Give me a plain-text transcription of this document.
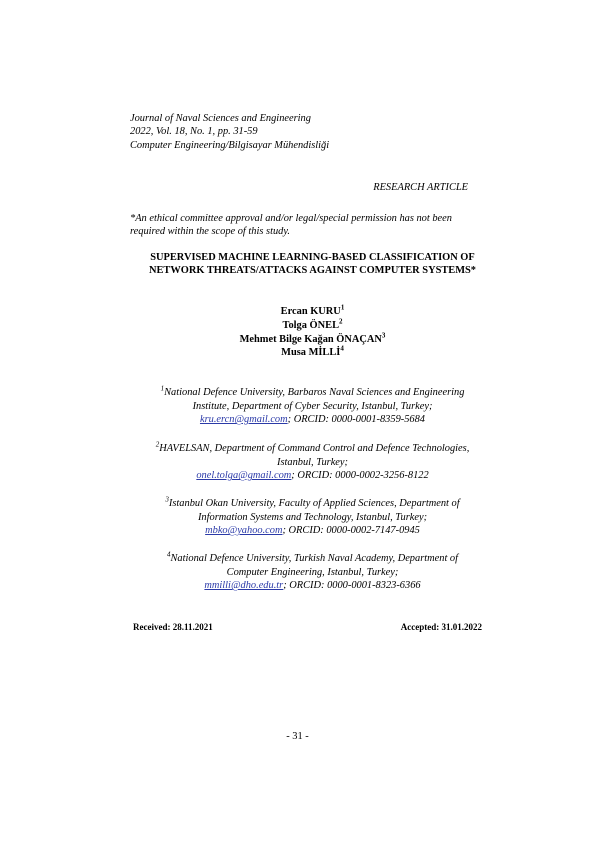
Journal of Naval Sciences and Engineering
2022, Vol. 18, No. 1, pp. 31-59
Computer Engineering/Bilgisayar Mühendisliği
RESEARCH ARTICLE
*An ethical committee approval and/or legal/special permission has not been required within the scope of this study.
SUPERVISED MACHINE LEARNING-BASED CLASSIFICATION OF NETWORK THREATS/ATTACKS AGAINST COMPUTER SYSTEMS*
Ercan KURU$^1$
Tolga ÖNEL$^2$
Mehmet Bilge Kağan ÖNAÇAN$^3$
Musa MİLLİ$^4$
$^1$National Defence University, Barbaros Naval Sciences and Engineering
Institute, Department of Cyber Security, Istanbul, Turkey;
kru.ercn@gmail.com; ORCID: 0000-0001-8359-5684
$^2$HAVELSAN, Department of Command Control and Defence Technologies,
Istanbul, Turkey;
onel.tolga@gmail.com; ORCID: 0000-0002-3256-8122
$^3$Istanbul Okan University, Faculty of Applied Sciences, Department of
Information Systems and Technology, Istanbul, Turkey;
mbko@yahoo.com; ORCID: 0000-0002-7147-0945
$^4$National Defence University, Turkish Naval Academy, Department of
Computer Engineering, Istanbul, Turkey;
mmilli@dho.edu.tr; ORCID: 0000-0001-8323-6366
Received: 28.11.2021	Accepted: 31.01.2022
- 31 -
